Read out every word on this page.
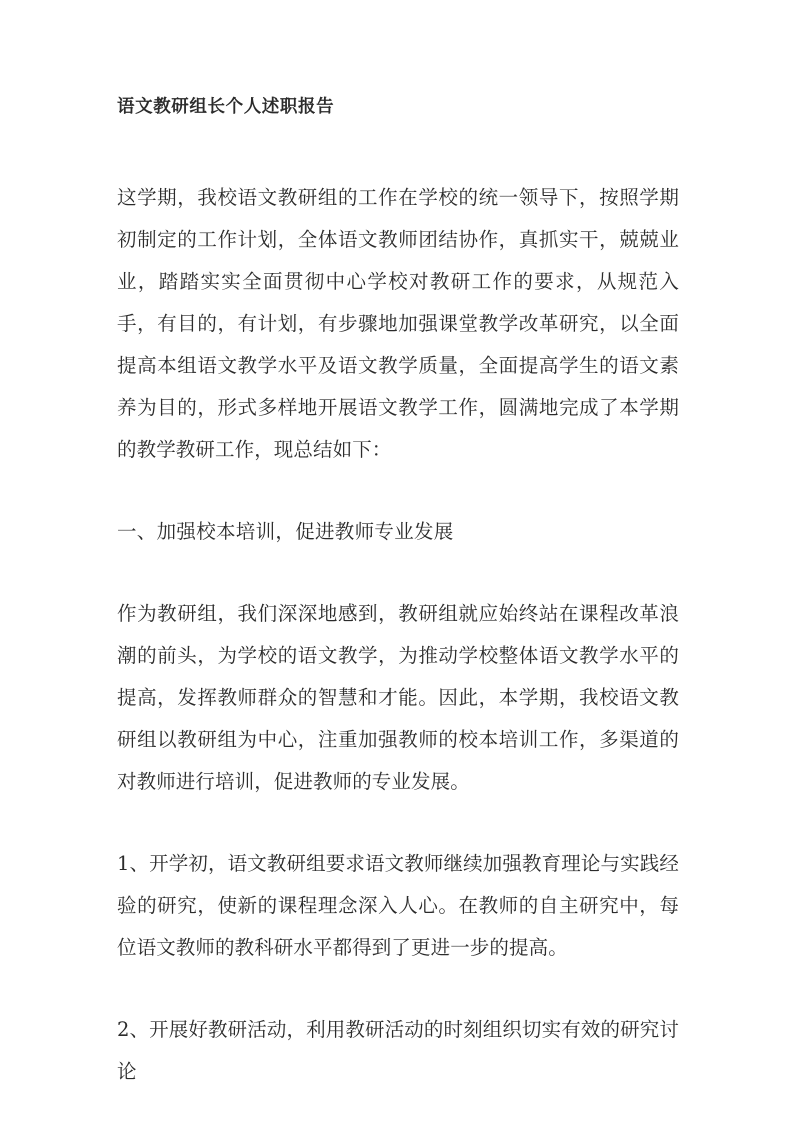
语文教研组长个人述职报告

这学期，我校语文教研组的工作在学校的统一领导下，按照学期初制定的工作计划，全体语文教师团结协作，真抓实干，兢兢业业，踏踏实实全面贯彻中心学校对教研工作的要求，从规范入手，有目的，有计划，有步骤地加强课堂教学改革研究，以全面提高本组语文教学水平及语文教学质量，全面提高学生的语文素养为目的，形式多样地开展语文教学工作，圆满地完成了本学期的教学教研工作，现总结如下：

一、加强校本培训，促进教师专业发展

作为教研组，我们深深地感到，教研组就应始终站在课程改革浪潮的前头，为学校的语文教学，为推动学校整体语文教学水平的提高，发挥教师群众的智慧和才能。因此，本学期，我校语文教研组以教研组为中心，注重加强教师的校本培训工作，多渠道的对教师进行培训，促进教师的专业发展。

1、开学初，语文教研组要求语文教师继续加强教育理论与实践经验的研究，使新的课程理念深入人心。在教师的自主研究中，每位语文教师的教科研水平都得到了更进一步的提高。

2、开展好教研活动，利用教研活动的时刻组织切实有效的研究讨论
